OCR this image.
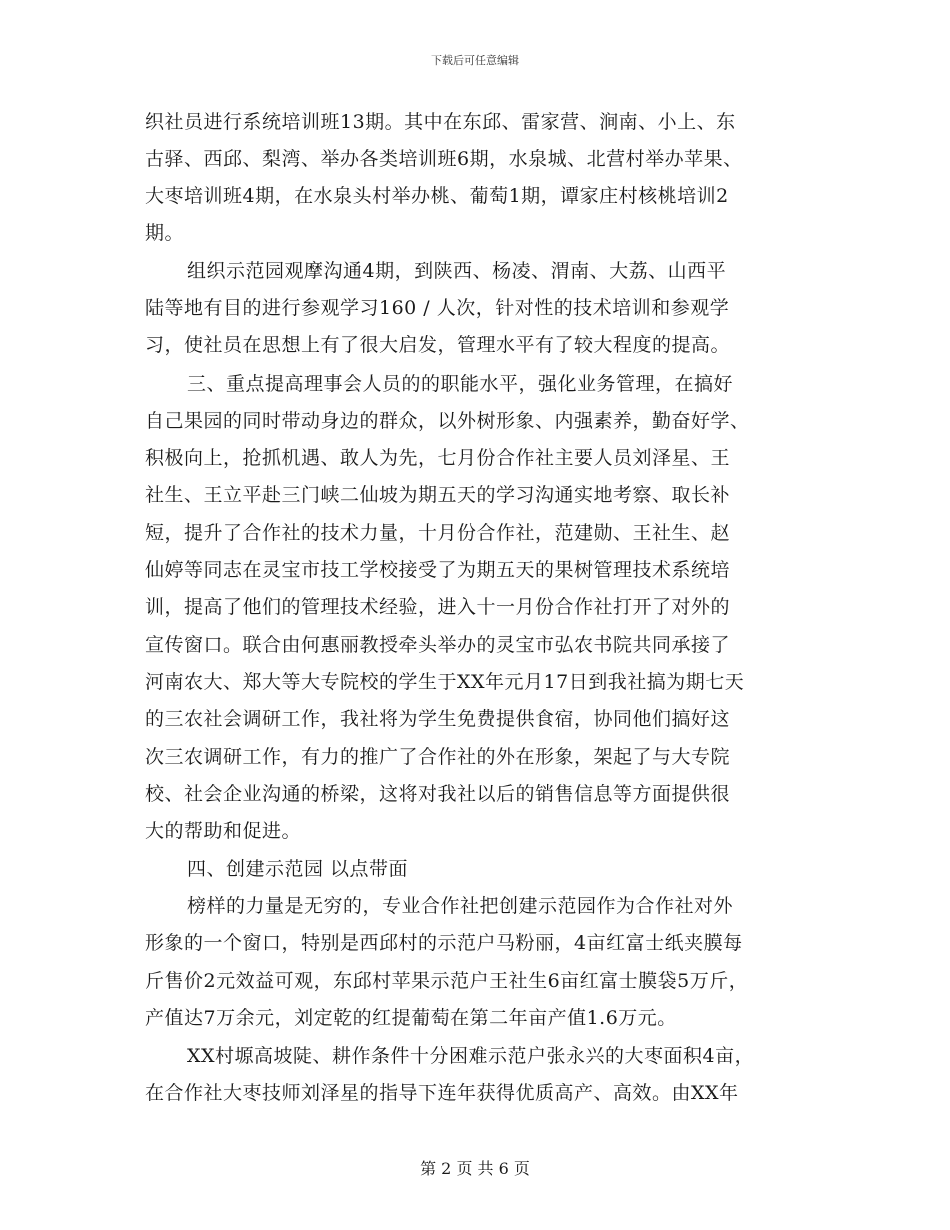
下载后可任意编辑
织社员进行系统培训班13期。其中在东邱、雷家营、涧南、小上、东
古驿、西邱、梨湾、举办各类培训班6期，水泉城、北营村举办苹果、
大枣培训班4期，在水泉头村举办桃、葡萄1期，谭家庄村核桃培训2
期。
组织示范园观摩沟通4期，到陕西、杨凌、渭南、大荔、山西平
陆等地有目的进行参观学习160 / 人次，针对性的技术培训和参观学
习，使社员在思想上有了很大启发，管理水平有了较大程度的提高。
三、重点提高理事会人员的的职能水平，强化业务管理，在搞好
自己果园的同时带动身边的群众，以外树形象、内强素养，勤奋好学、
积极向上，抢抓机遇、敢人为先，七月份合作社主要人员刘泽星、王
社生、王立平赴三门峡二仙坡为期五天的学习沟通实地考察、取长补
短，提升了合作社的技术力量，十月份合作社，范建勋、王社生、赵
仙婷等同志在灵宝市技工学校接受了为期五天的果树管理技术系统培
训，提高了他们的管理技术经验，进入十一月份合作社打开了对外的
宣传窗口。联合由何惠丽教授牵头举办的灵宝市弘农书院共同承接了
河南农大、郑大等大专院校的学生于XX年元月17日到我社搞为期七天
的三农社会调研工作，我社将为学生免费提供食宿，协同他们搞好这
次三农调研工作，有力的推广了合作社的外在形象，架起了与大专院
校、社会企业沟通的桥梁，这将对我社以后的销售信息等方面提供很
大的帮助和促进。
四、创建示范园 以点带面
榜样的力量是无穷的，专业合作社把创建示范园作为合作社对外
形象的一个窗口，特别是西邱村的示范户马粉丽，4亩红富士纸夹膜每
斤售价2元效益可观，东邱村苹果示范户王社生6亩红富士膜袋5万斤，
产值达7万余元，刘定乾的红提葡萄在第二年亩产值1.6万元。
XX村塬高坡陡、耕作条件十分困难示范户张永兴的大枣面积4亩，
在合作社大枣技师刘泽星的指导下连年获得优质高产、高效。由XX年
第 2 页 共 6 页
